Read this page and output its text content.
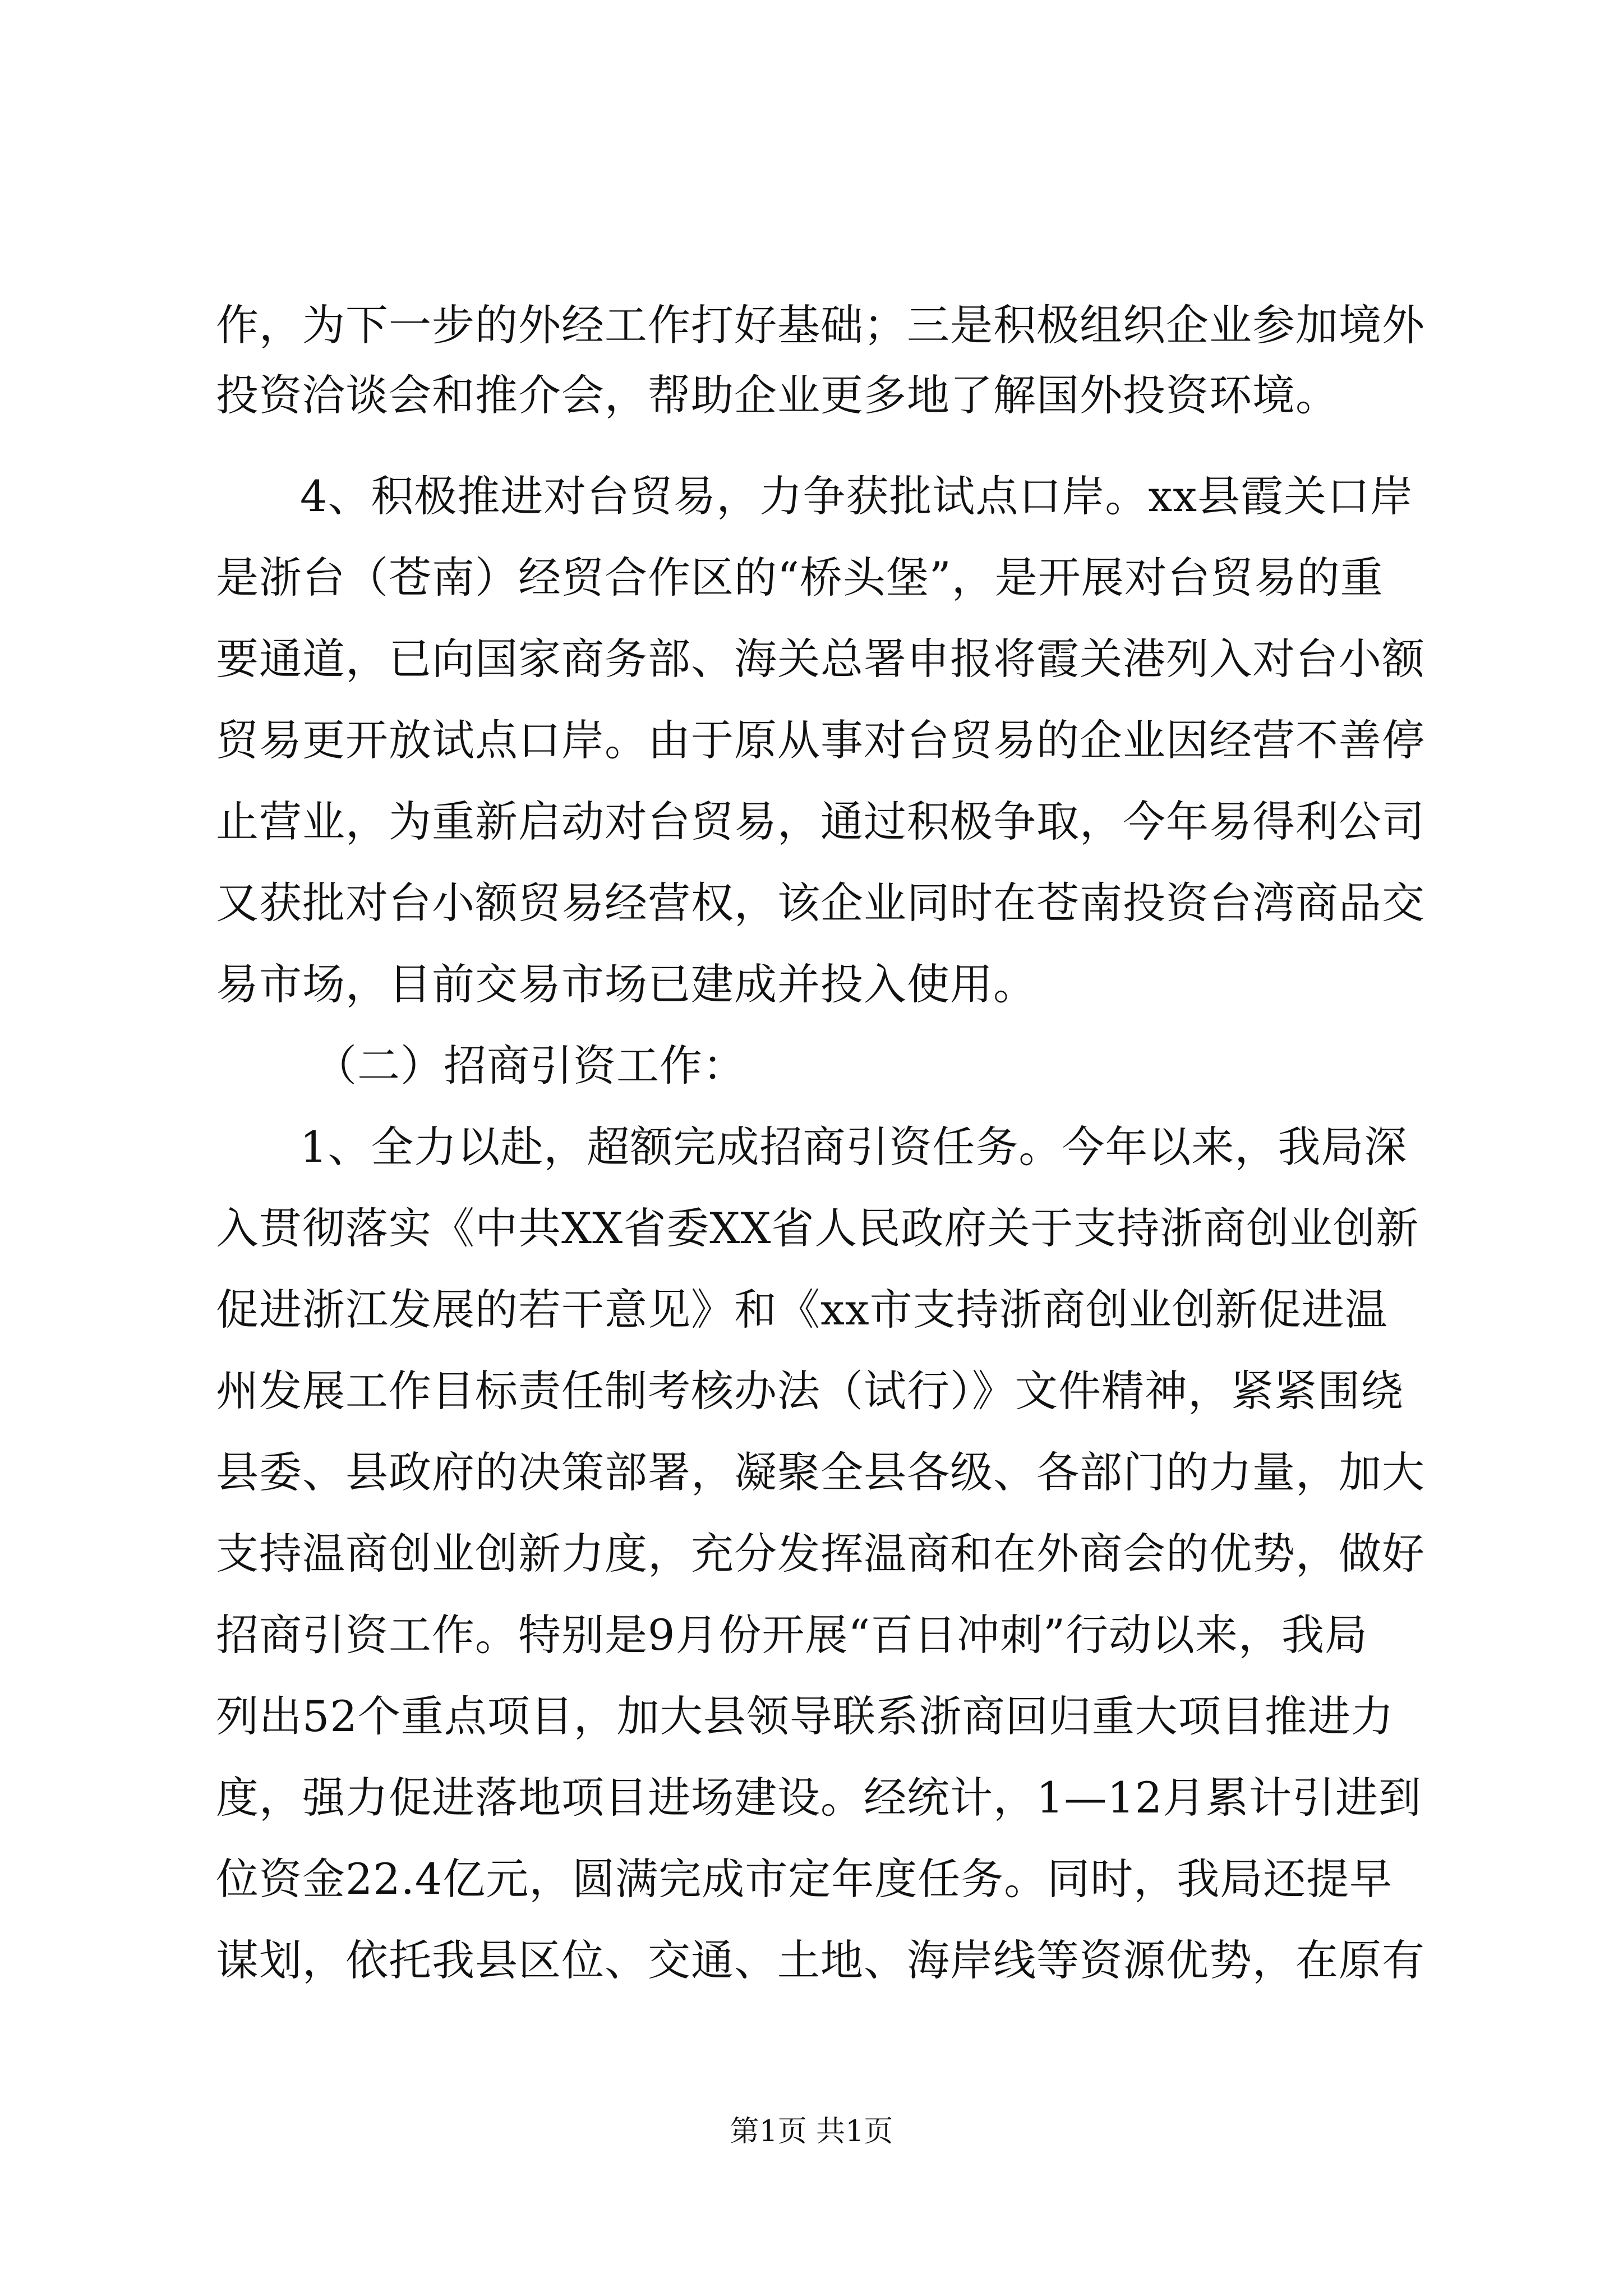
作，为下一步的外经工作打好基础；三是积极组织企业参加境外
投资洽谈会和推介会，帮助企业更多地了解国外投资环境。
4、积极推进对台贸易，力争获批试点口岸。xx县霞关口岸
是浙台（苍南）经贸合作区的“桥头堡”，是开展对台贸易的重
要通道，已向国家商务部、海关总署申报将霞关港列入对台小额
贸易更开放试点口岸。由于原从事对台贸易的企业因经营不善停
止营业，为重新启动对台贸易，通过积极争取，今年易得利公司
又获批对台小额贸易经营权，该企业同时在苍南投资台湾商品交
易市场，目前交易市场已建成并投入使用。
（二）招商引资工作：
1、全力以赴，超额完成招商引资任务。今年以来，我局深
入贯彻落实《中共XX省委XX省人民政府关于支持浙商创业创新
促进浙江发展的若干意见》和《xx市支持浙商创业创新促进温
州发展工作目标责任制考核办法（试行）》文件精神，紧紧围绕
县委、县政府的决策部署，凝聚全县各级、各部门的力量，加大
支持温商创业创新力度，充分发挥温商和在外商会的优势，做好
招商引资工作。特别是9月份开展“百日冲刺”行动以来，我局
列出52个重点项目，加大县领导联系浙商回归重大项目推进力
度，强力促进落地项目进场建设。经统计，1—12月累计引进到
位资金22.4亿元，圆满完成市定年度任务。同时，我局还提早
谋划，依托我县区位、交通、土地、海岸线等资源优势，在原有
第1页 共1页
